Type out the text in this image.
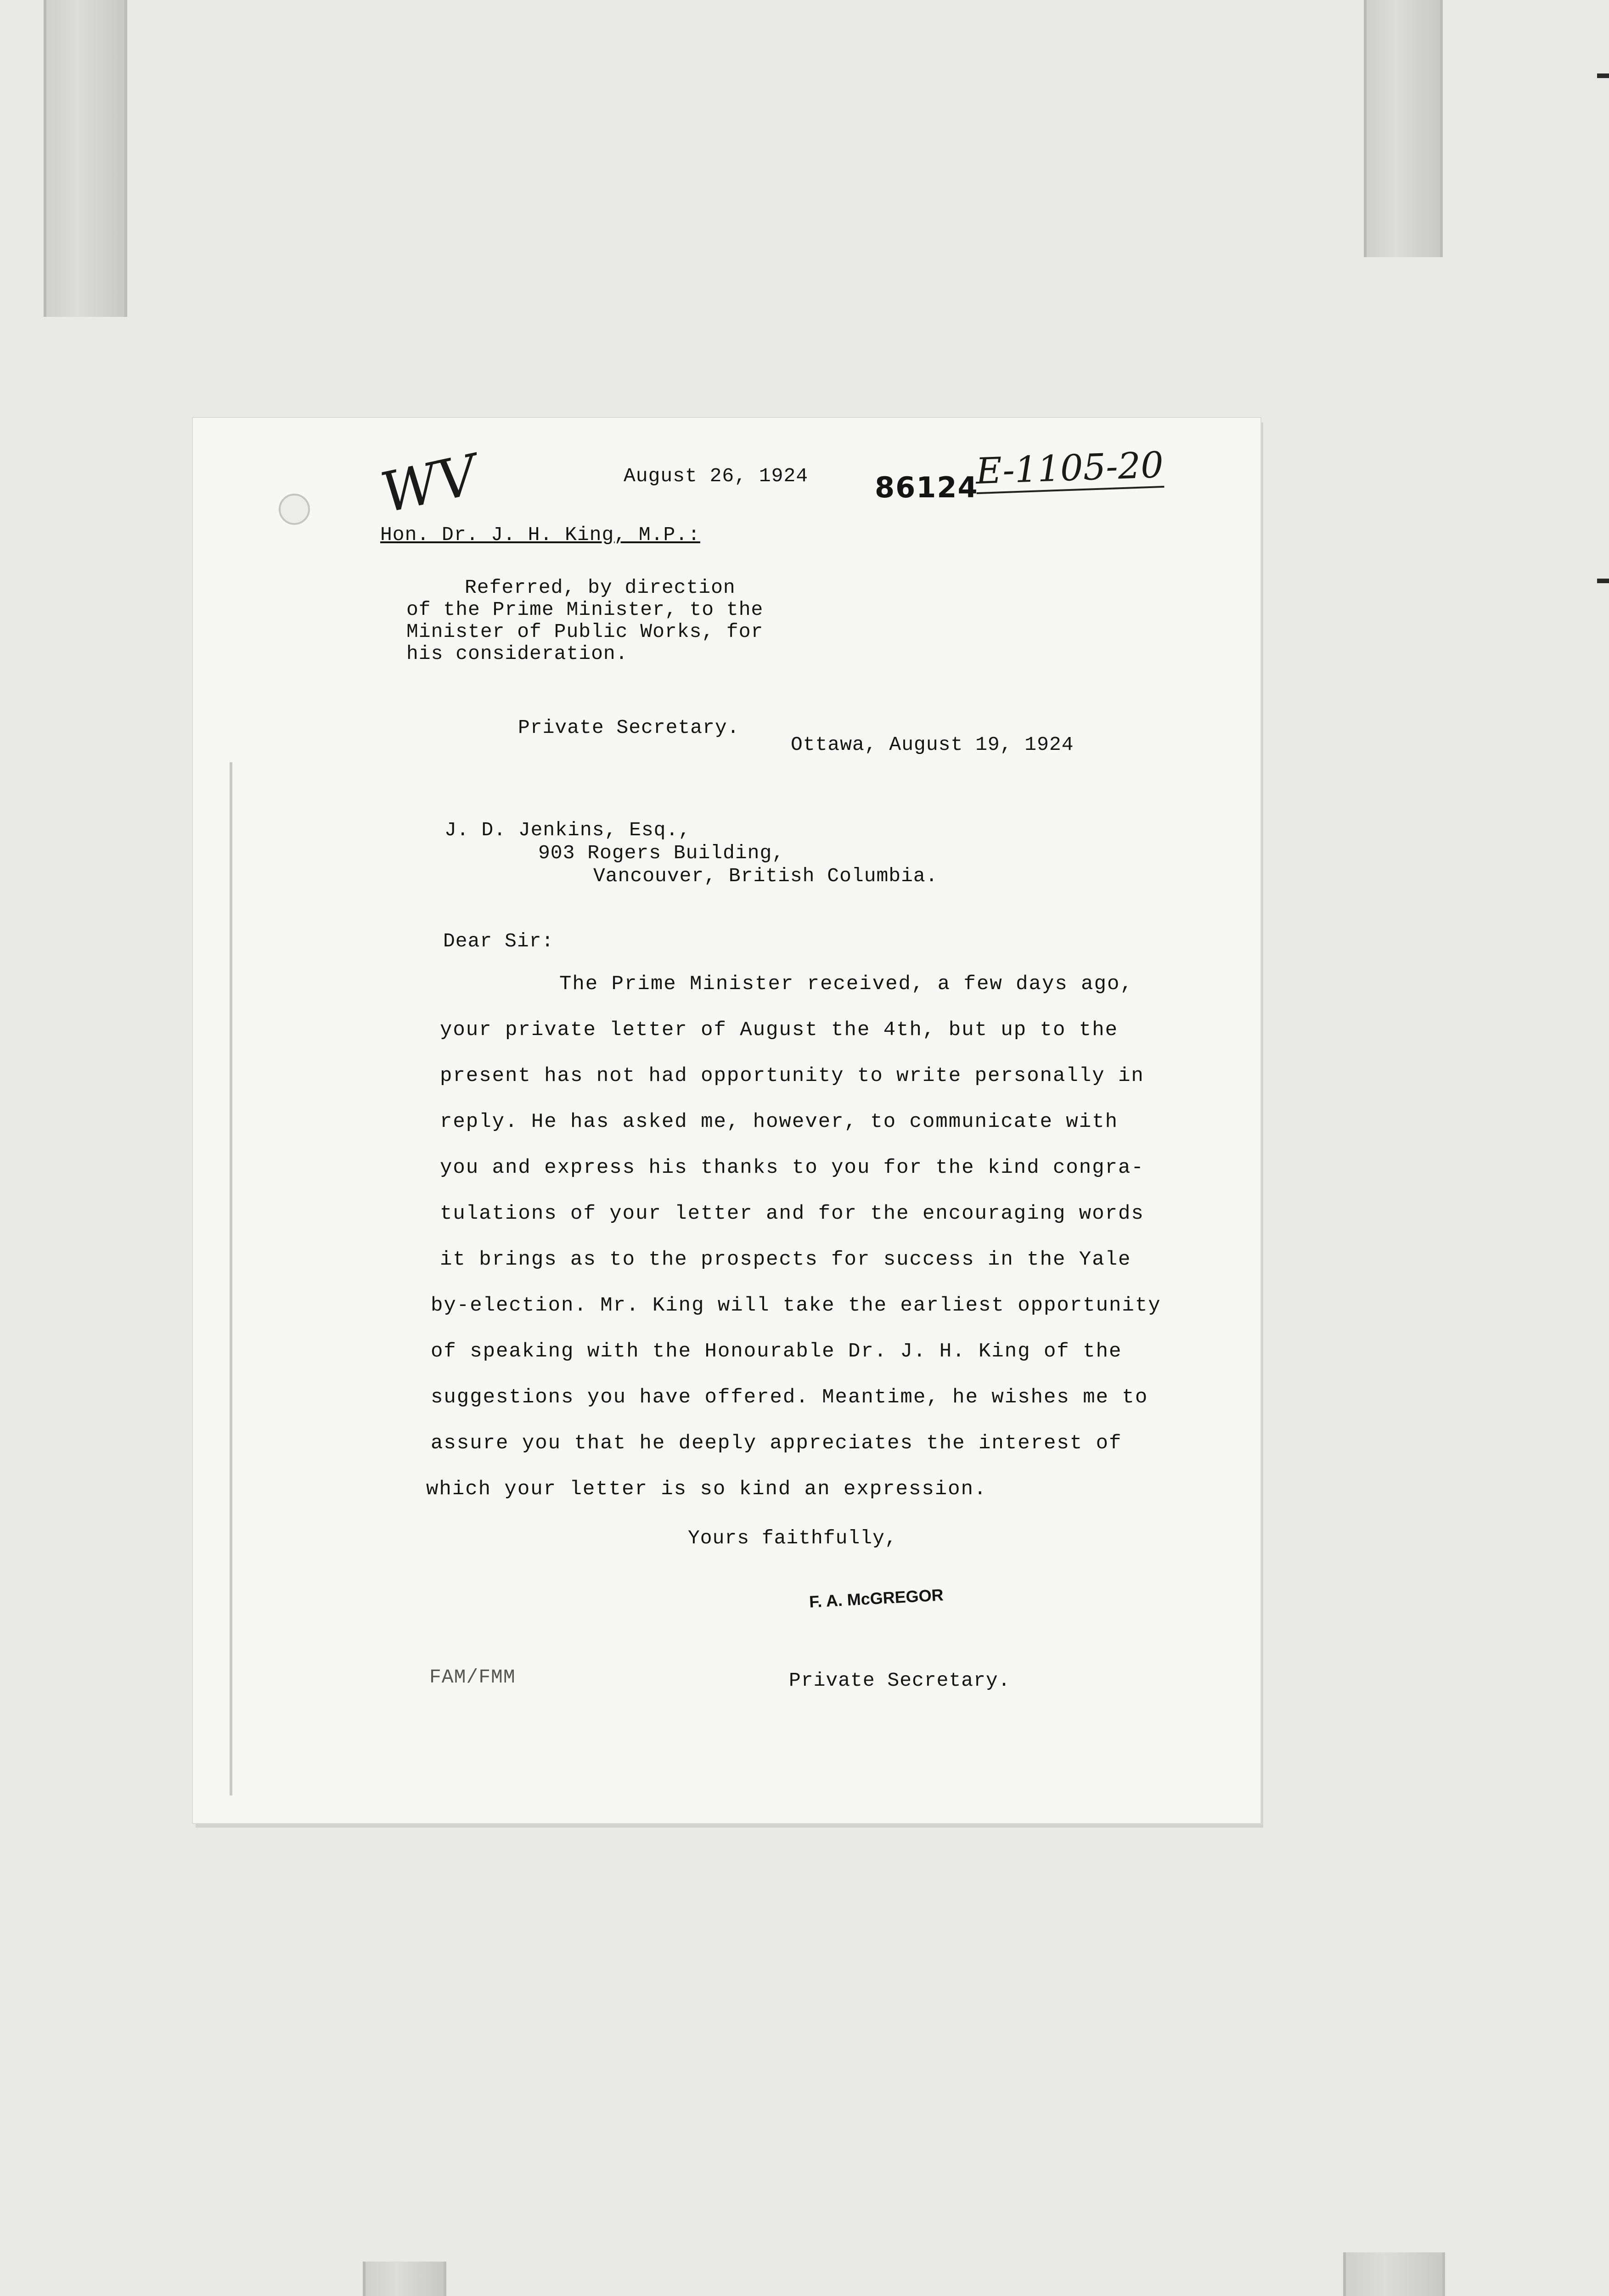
WV	August 26, 1924 86124
E-1105-20
Hon. Dr. J. H. King, M.P.:
Referred, by direction
of the Prime Minister, to the
Minister of Public Works, for
his consideration.
Private Secretary.
Ottawa, August 19, 1924
J. D. Jenkins, Esq.,
903 Rogers Building,
Vancouver, British Columbia.
Dear Sir:
The Prime Minister received, a few days ago,
your private letter of August the 4th, but up to the
present has not had opportunity to write personally in
reply. He has asked me, however, to communicate with
you and express his thanks to you for the kind congra-
tulations of your letter and for the encouraging words
it brings as to the prospects for success in the Yale
by-election. Mr. King will take the earliest opportunity
of speaking with the Honourable Dr. J. H. King of the
suggestions you have offered. Meantime, he wishes me to
assure you that he deeply appreciates the interest of
which your letter is so kind an expression.
Yours faithfully,
F. A. McGREGOR
FAM/FMM	Private Secretary.
